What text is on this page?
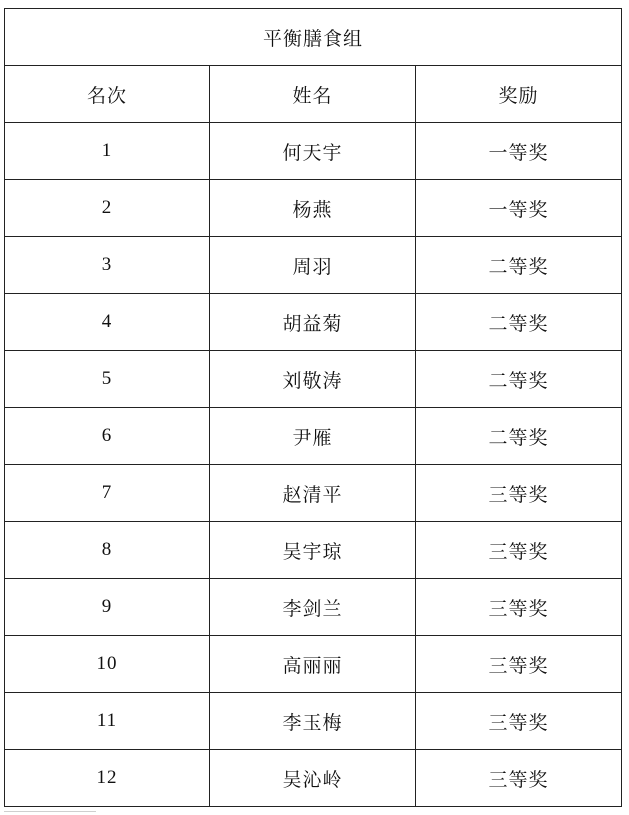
平衡膳食组		
名次	姓名	奖励
1	何天宇	一等奖
2	杨燕	一等奖
3	周羽	二等奖
4	胡益菊	二等奖
5	刘敬涛	二等奖
6	尹雁	二等奖
7	赵清平	三等奖
8	吴宇琼	三等奖
9	李剑兰	三等奖
10	高丽丽	三等奖
11	李玉梅	三等奖
12	吴沁岭	三等奖
